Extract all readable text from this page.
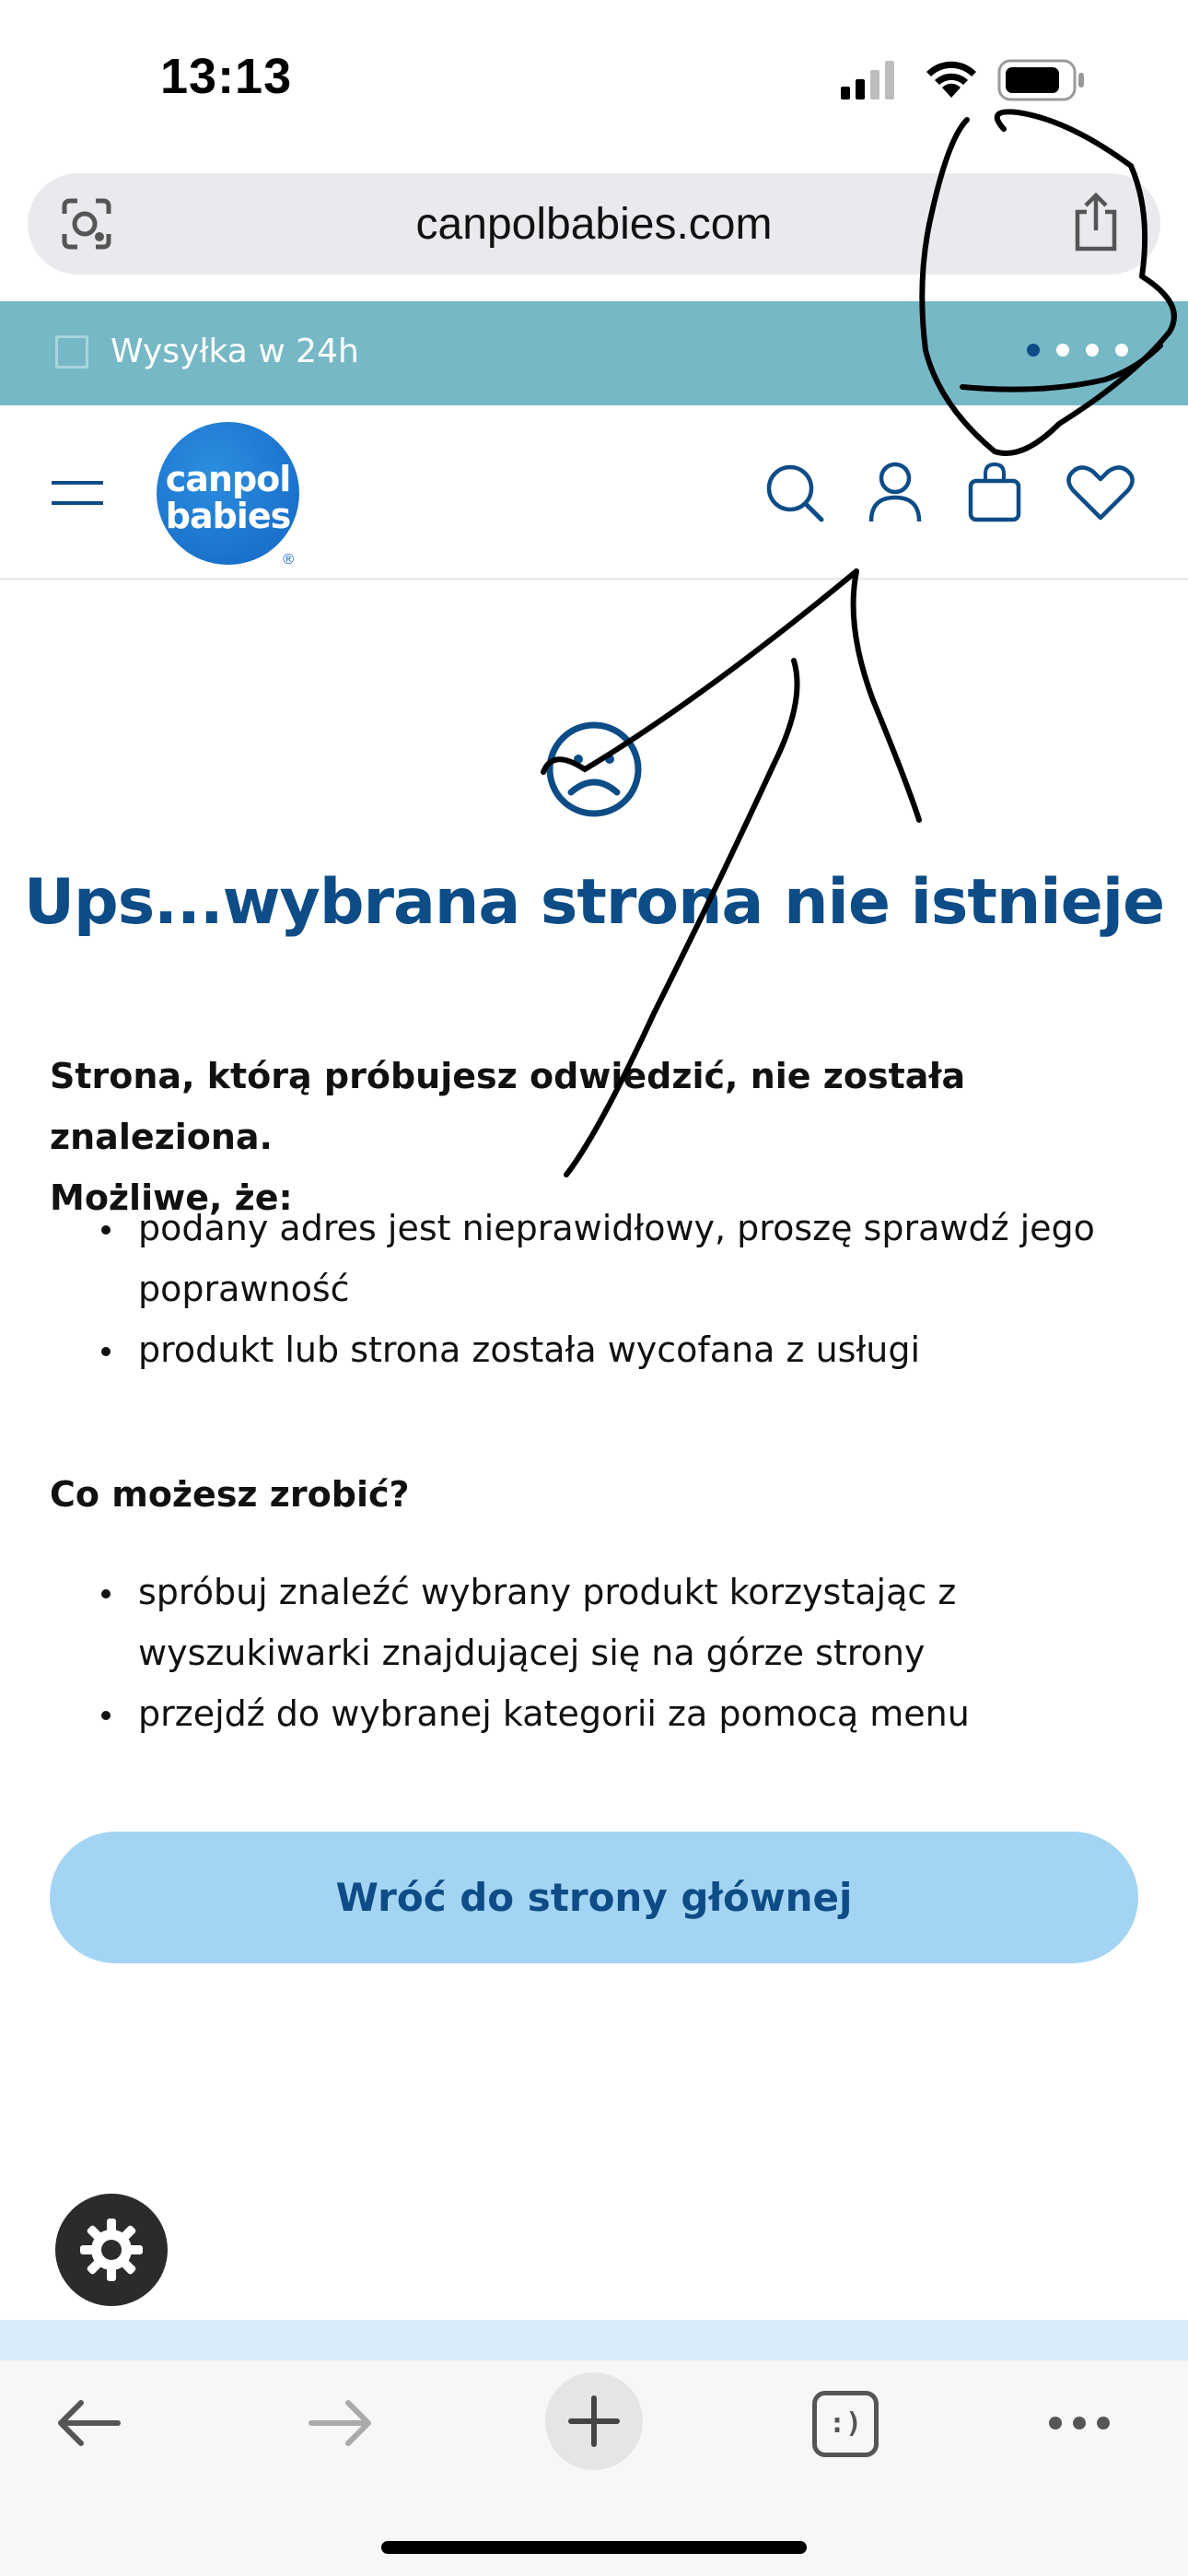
13:13
canpolbabies.com
Wysyłka w 24h
canpol
babies
®
Ups...wybrana strona nie istnieje
Strona, którą próbujesz odwiedzić, nie została znaleziona.
Możliwe, że:
podany adres jest nieprawidłowy, proszę sprawdź jego poprawność
produkt lub strona została wycofana z usługi
Co możesz zrobić?
spróbuj znaleźć wybrany produkt korzystając z wyszukiwarki znajdującej się na górze strony
przejdź do wybranej kategorii za pomocą menu
Wróć do strony głównej
:)
